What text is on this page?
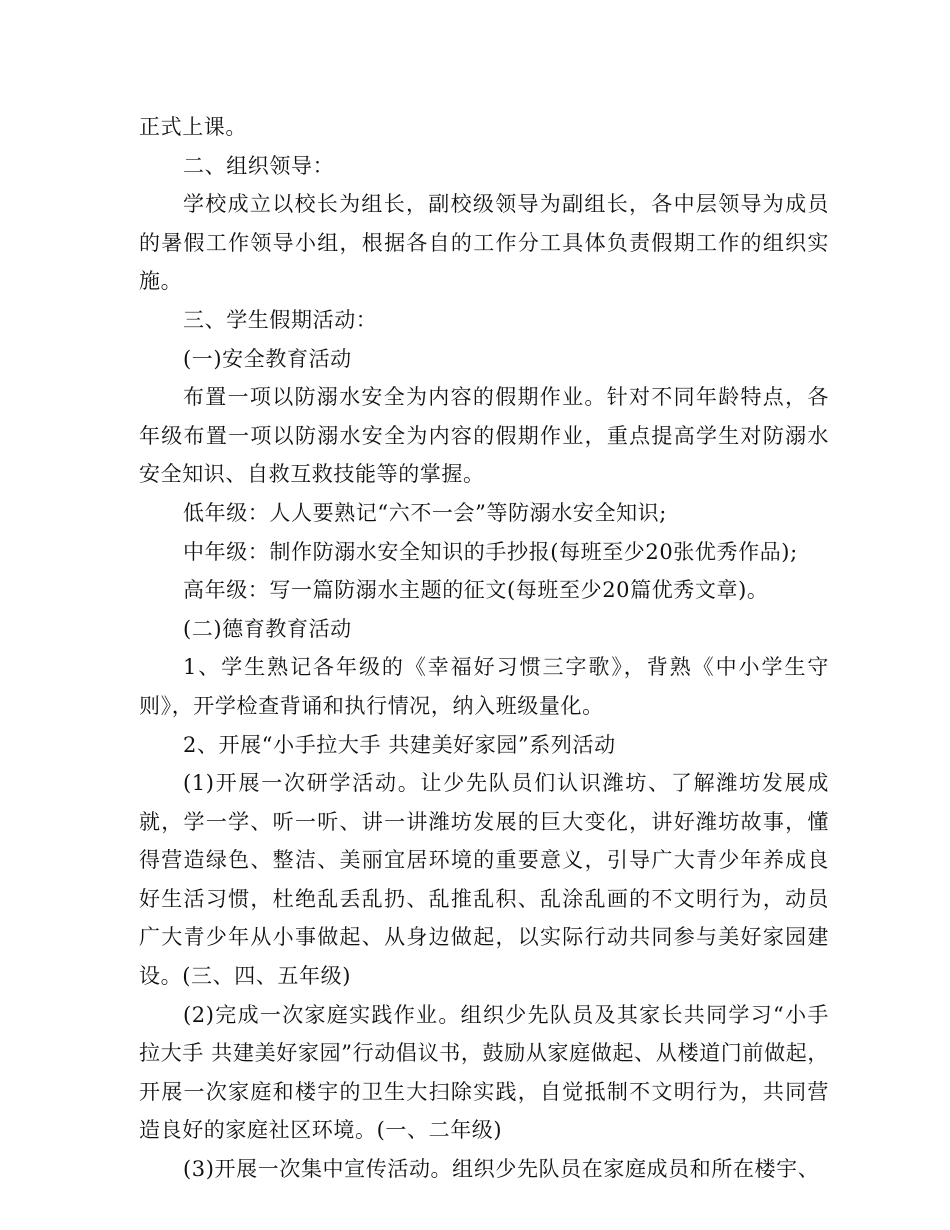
正式上课。

二、组织领导：

学校成立以校长为组长，副校级领导为副组长，各中层领导为成员的暑假工作领导小组，根据各自的工作分工具体负责假期工作的组织实施。

三、学生假期活动：

(一)安全教育活动

布置一项以防溺水安全为内容的假期作业。针对不同年龄特点，各年级布置一项以防溺水安全为内容的假期作业，重点提高学生对防溺水安全知识、自救互救技能等的掌握。

低年级：人人要熟记“六不一会”等防溺水安全知识;

中年级：制作防溺水安全知识的手抄报(每班至少20张优秀作品);

高年级：写一篇防溺水主题的征文(每班至少20篇优秀文章)。

(二)德育教育活动

1、学生熟记各年级的《幸福好习惯三字歌》，背熟《中小学生守则》，开学检查背诵和执行情况，纳入班级量化。

2、开展“小手拉大手 共建美好家园”系列活动

(1)开展一次研学活动。让少先队员们认识潍坊、了解潍坊发展成就，学一学、听一听、讲一讲潍坊发展的巨大变化，讲好潍坊故事，懂得营造绿色、整洁、美丽宜居环境的重要意义，引导广大青少年养成良好生活习惯，杜绝乱丢乱扔、乱推乱积、乱涂乱画的不文明行为，动员广大青少年从小事做起、从身边做起，以实际行动共同参与美好家园建设。(三、四、五年级)

(2)完成一次家庭实践作业。组织少先队员及其家长共同学习“小手拉大手 共建美好家园”行动倡议书，鼓励从家庭做起、从楼道门前做起，开展一次家庭和楼宇的卫生大扫除实践，自觉抵制不文明行为，共同营造良好的家庭社区环境。(一、二年级)

(3)开展一次集中宣传活动。组织少先队员在家庭成员和所在楼宇、
